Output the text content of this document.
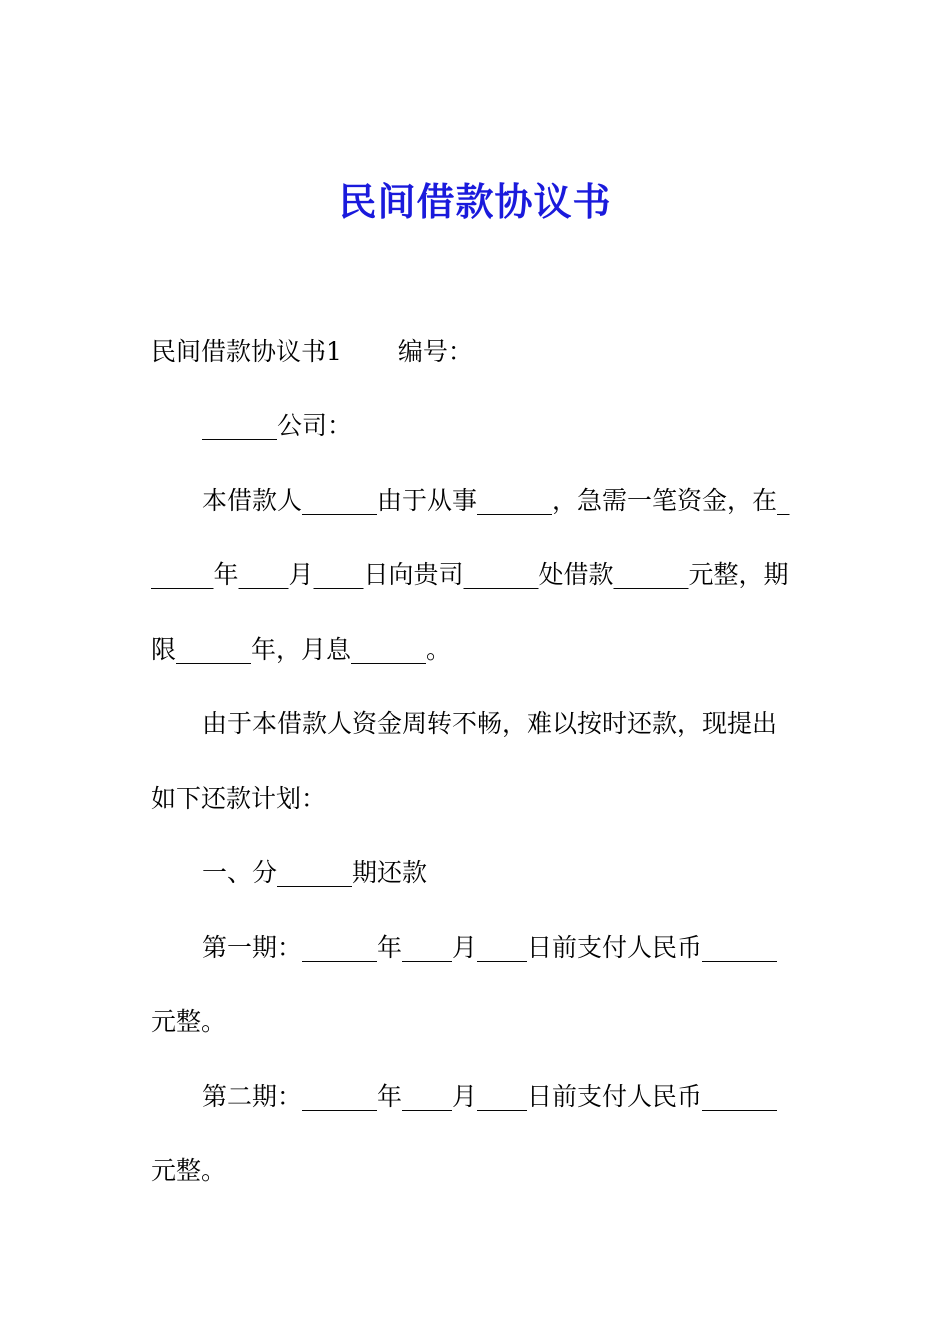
民间借款协议书
民间借款协议书1 编号：
______公司：
本借款人______由于从事______，急需一笔资金，在_
_____年____月____日向贵司______处借款______元整，期
限______年，月息______。
由于本借款人资金周转不畅，难以按时还款，现提出
如下还款计划：
一、分______期还款
第一期：______年____月____日前支付人民币______
元整。
第二期：______年____月____日前支付人民币______
元整。
